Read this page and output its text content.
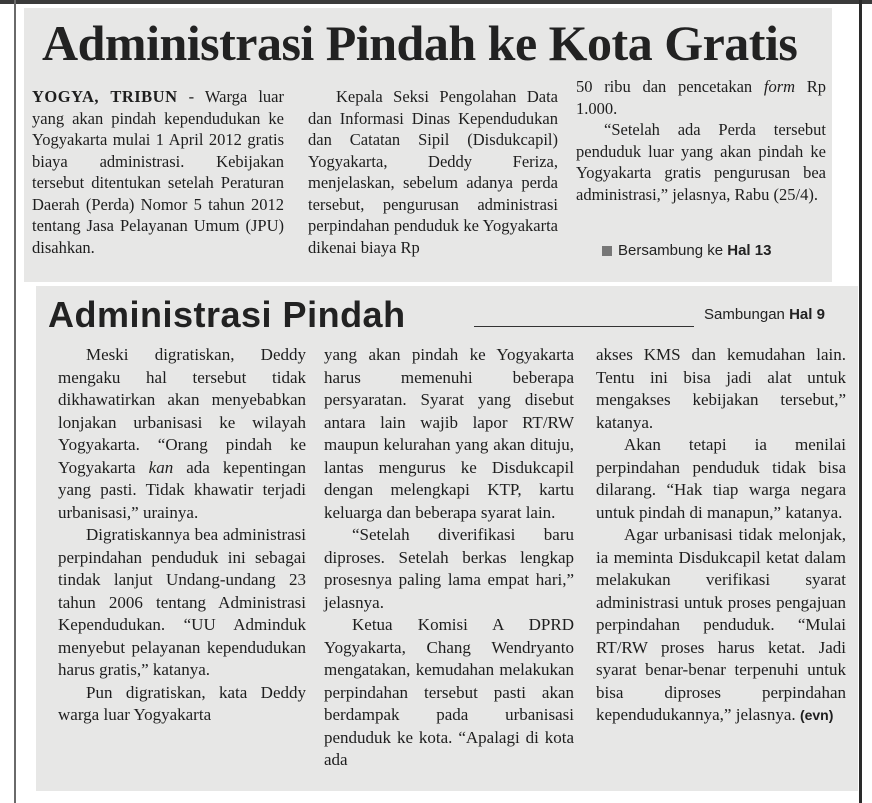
Administrasi Pindah ke Kota Gratis

YOGYA, TRIBUN - Warga luar yang akan pindah kependudukan ke Yogyakarta mulai 1 April 2012 gratis biaya administrasi. Kebijakan tersebut ditentukan setelah Peraturan Daerah (Perda) Nomor 5 tahun 2012 tentang Jasa Pelayanan Umum (JPU) disahkan.

Kepala Seksi Pengolahan Data dan Informasi Dinas Kependudukan dan Catatan Sipil (Disdukcapil) Yogyakarta, Deddy Feriza, menjelaskan, sebelum adanya perda tersebut, pengurusan administrasi perpindahan penduduk ke Yogyakarta dikenai biaya Rp

50 ribu dan pencetakan form Rp 1.000.

“Setelah ada Perda tersebut penduduk luar yang akan pindah ke Yogyakarta gratis pengurusan bea administrasi,” jelasnya, Rabu (25/4).

Bersambung ke Hal 13
Administrasi Pindah	Sambungan Hal 9

Meski digratiskan, Deddy mengaku hal tersebut tidak dikhawatirkan akan menyebabkan lonjakan urbanisasi ke wilayah Yogyakarta. “Orang pindah ke Yogyakarta kan ada kepentingan yang pasti. Tidak khawatir terjadi urbanisasi,” urainya.

Digratiskannya bea administrasi perpindahan penduduk ini sebagai tindak lanjut Undang-undang 23 tahun 2006 tentang Administrasi Kependudukan. “UU Adminduk menyebut pelayanan kependudukan harus gratis,” katanya.

Pun digratiskan, kata Deddy warga luar Yogyakarta

yang akan pindah ke Yogyakarta harus memenuhi beberapa persyaratan. Syarat yang disebut antara lain wajib lapor RT/RW maupun kelurahan yang akan dituju, lantas mengurus ke Disdukcapil dengan melengkapi KTP, kartu keluarga dan beberapa syarat lain.

“Setelah diverifikasi baru diproses. Setelah berkas lengkap prosesnya paling lama empat hari,” jelasnya.

Ketua Komisi A DPRD Yogyakarta, Chang Wendryanto mengatakan, kemudahan melakukan perpindahan tersebut pasti akan berdampak pada urbanisasi penduduk ke kota. “Apalagi di kota ada

akses KMS dan kemudahan lain. Tentu ini bisa jadi alat untuk mengakses kebijakan tersebut,” katanya.

Akan tetapi ia menilai perpindahan penduduk tidak bisa dilarang. “Hak tiap warga negara untuk pindah di manapun,” katanya.

Agar urbanisasi tidak melonjak, ia meminta Disdukcapil ketat dalam melakukan verifikasi syarat administrasi untuk proses pengajuan perpindahan penduduk. “Mulai RT/RW proses harus ketat. Jadi syarat benar-benar terpenuhi untuk bisa diproses perpindahan kependudukannya,” jelasnya. (evn)
